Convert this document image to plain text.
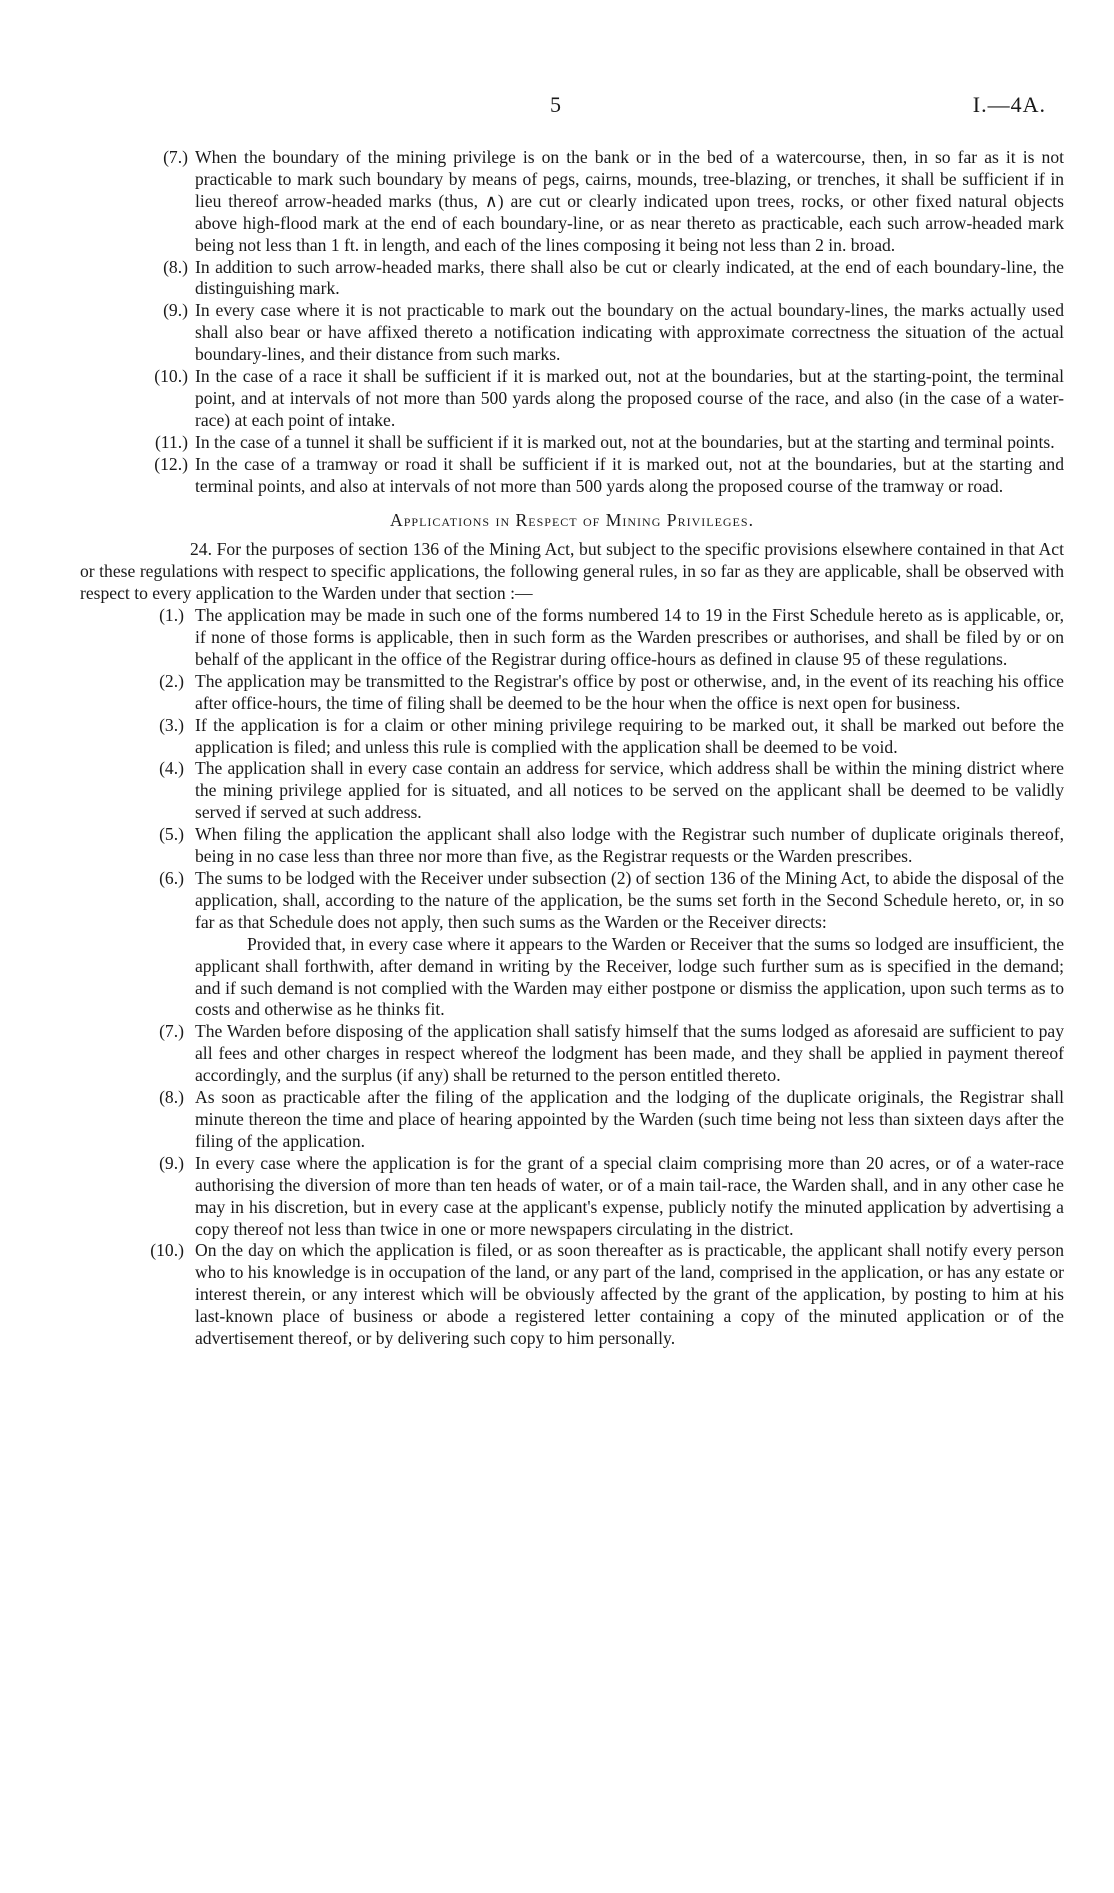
5	I.—4A.
(7.) When the boundary of the mining privilege is on the bank or in the bed of a watercourse, then, in so far as it is not practicable to mark such boundary by means of pegs, cairns, mounds, tree-blazing, or trenches, it shall be sufficient if in lieu thereof arrow-headed marks (thus, ∧) are cut or clearly indicated upon trees, rocks, or other fixed natural objects above high-flood mark at the end of each boundary-line, or as near thereto as practicable, each such arrow-headed mark being not less than 1 ft. in length, and each of the lines composing it being not less than 2 in. broad.
(8.) In addition to such arrow-headed marks, there shall also be cut or clearly indicated, at the end of each boundary-line, the distinguishing mark.
(9.) In every case where it is not practicable to mark out the boundary on the actual boundary-lines, the marks actually used shall also bear or have affixed thereto a notification indicating with approximate correctness the situation of the actual boundary-lines, and their distance from such marks.
(10.) In the case of a race it shall be sufficient if it is marked out, not at the boundaries, but at the starting-point, the terminal point, and at intervals of not more than 500 yards along the proposed course of the race, and also (in the case of a water-race) at each point of intake.
(11.) In the case of a tunnel it shall be sufficient if it is marked out, not at the boundaries, but at the starting and terminal points.
(12.) In the case of a tramway or road it shall be sufficient if it is marked out, not at the boundaries, but at the starting and terminal points, and also at intervals of not more than 500 yards along the proposed course of the tramway or road.
Applications in Respect of Mining Privileges.

24. For the purposes of section 136 of the Mining Act, but subject to the specific provisions elsewhere contained in that Act or these regulations with respect to specific applications, the following general rules, in so far as they are applicable, shall be observed with respect to every application to the Warden under that section :—

(1.) The application may be made in such one of the forms numbered 14 to 19 in the First Schedule hereto as is applicable, or, if none of those forms is applicable, then in such form as the Warden prescribes or authorises, and shall be filed by or on behalf of the applicant in the office of the Registrar during office-hours as defined in clause 95 of these regulations.
(2.) The application may be transmitted to the Registrar's office by post or otherwise, and, in the event of its reaching his office after office-hours, the time of filing shall be deemed to be the hour when the office is next open for business.
(3.) If the application is for a claim or other mining privilege requiring to be marked out, it shall be marked out before the application is filed; and unless this rule is complied with the application shall be deemed to be void.
(4.) The application shall in every case contain an address for service, which address shall be within the mining district where the mining privilege applied for is situated, and all notices to be served on the applicant shall be deemed to be validly served if served at such address.
(5.) When filing the application the applicant shall also lodge with the Registrar such number of duplicate originals thereof, being in no case less than three nor more than five, as the Registrar requests or the Warden prescribes.
(6.) The sums to be lodged with the Receiver under subsection (2) of section 136 of the Mining Act, to abide the disposal of the application, shall, according to the nature of the application, be the sums set forth in the Second Schedule hereto, or, in so far as that Schedule does not apply, then such sums as the Warden or the Receiver directs:
Provided that, in every case where it appears to the Warden or Receiver that the sums so lodged are insufficient, the applicant shall forthwith, after demand in writing by the Receiver, lodge such further sum as is specified in the demand; and if such demand is not complied with the Warden may either postpone or dismiss the application, upon such terms as to costs and otherwise as he thinks fit.
(7.) The Warden before disposing of the application shall satisfy himself that the sums lodged as aforesaid are sufficient to pay all fees and other charges in respect whereof the lodgment has been made, and they shall be applied in payment thereof accordingly, and the surplus (if any) shall be returned to the person entitled thereto.
(8.) As soon as practicable after the filing of the application and the lodging of the duplicate originals, the Registrar shall minute thereon the time and place of hearing appointed by the Warden (such time being not less than sixteen days after the filing of the application.
(9.) In every case where the application is for the grant of a special claim comprising more than 20 acres, or of a water-race authorising the diversion of more than ten heads of water, or of a main tail-race, the Warden shall, and in any other case he may in his discretion, but in every case at the applicant's expense, publicly notify the minuted application by advertising a copy thereof not less than twice in one or more newspapers circulating in the district.
(10.) On the day on which the application is filed, or as soon thereafter as is practicable, the applicant shall notify every person who to his knowledge is in occupation of the land, or any part of the land, comprised in the application, or has any estate or interest therein, or any interest which will be obviously affected by the grant of the application, by posting to him at his last-known place of business or abode a registered letter containing a copy of the minuted application or of the advertisement thereof, or by delivering such copy to him personally.
